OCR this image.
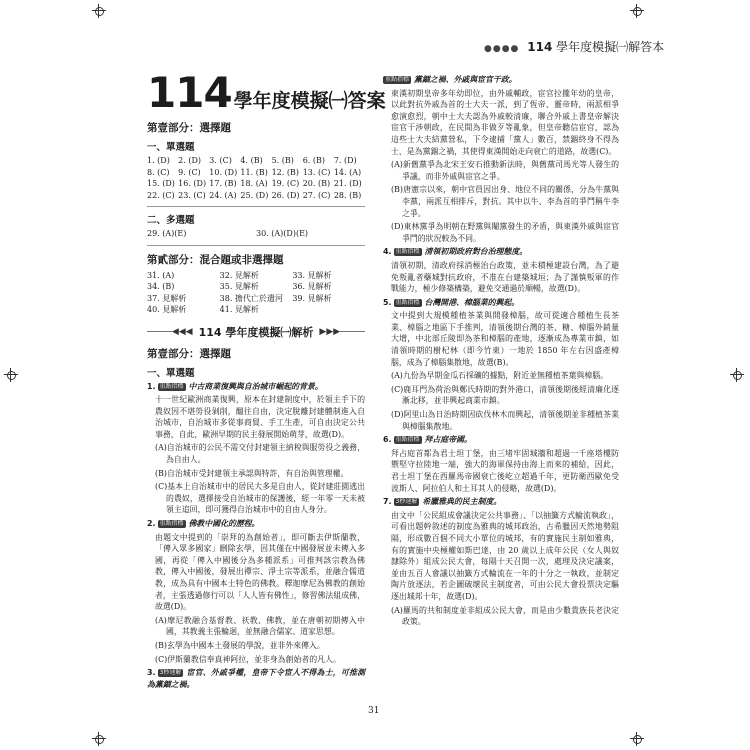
●●●● 114 學年度模擬㈠解答本
114 學年度模擬㈠答案
第壹部分：選擇題
一、單選題
1. (D)	2. (D)	3. (C)	4. (B)	5. (B)	6. (B)	7. (D)
8. (C)	9. (C)	10. (D) 11. (B) 12. (B) 13. (C) 14. (A)
15. (D) 16. (D) 17. (B) 18. (A) 19. (C) 20. (B) 21. (D)
22. (C) 23. (C) 24. (A) 25. (D) 26. (D) 27. (C) 28. (B)
二、多選題
29. (A)(E)	30. (A)(D)(E)
第貳部分：混合題或非選擇題
31. (A)	32. 見解析	33. 見解析
34. (B)	35. 見解析	36. 見解析
37. 見解析	38. 擔代亡於遺河	39. 見解析
40. 見解析	41. 見解析
◀◀◀ 114 學年度模擬㈠解析 ▶▶▶
第壹部分：選擇題
一、單選題
1. 重點指標 中古商業復興與自治城市崛起的背景。
十一世紀歐洲商業復興，原本在封建制度中，於領主手下的農奴因不堪勞役剝削，醞往自由，決定脫離封建體制進入自治城市，自治城市多從事商貿、手工生產，可自由決定公共事務，自此，歐洲早期的民主發展開始萌芽，故選(D)。
(A)自治城市的公民不需交付封建領主納稅與服勞役之義務，為自由人。
(B)自治城市受封建領主承認與特許，有自治與管理權。
(C)基本上自治城市中的居民大多是自由人，從封建莊園逃出的農奴，選擇接受自治城市的保護後，經一年零一天未被領主追回，即可獲得自治城市中的自由人身分。
2. 重點指標 佛教中國化的歷程。
由題文中提到的「崇拜的為創始者」，即可斷去伊斯蘭教，「傳入眾多國家」刪除玄學，因其僅在中國發展並未傳入多國，再從「傳入中國後分為多種派系」可推判該宗教為佛教，傳入中國後，發展出禪宗、淨土宗等派系，並融合儒道教，成為具有中國本土特色的佛教。釋迦摩尼為佛教的創始者，主張透過修行可以「人人皆有佛性」，修習佛法組成佛，故選(D)。
(A)摩尼教融合基督教、祆教、佛教，並在唐朝初期傳入中國，其教義主張輪迴，並無融合儒家、道家思想。
(B)玄學為中國本土發展的學說，並非外來傳入。
(C)伊斯蘭教信奉真神阿拉，並非身為創始者的凡人。
3. 3秒速解 宦官、外戚爭權，皇帝下令宦人不得為士，可推測為黨錮之禍。
重點指標 黨錮之禍、外戚與宦官干政。
東漢初期皇帝多年幼即位，由外戚輔政，宦官拉攏年幼的皇帝，以此對抗外戚為首的士大夫一派，到了恆帝、靈帝時，兩派相爭愈演愈烈，朝中士大夫認為外戚較清廉，聯合外戚上書皇帝解決宦官干涉朝政，在民間為非做歹等亂象，但皇帝聽信宦官，認為這些士大夫結黨營私，下令逮捕「黨人」數百，禁錮終身不得為士，是為黨錮之禍，其使得東漢開始走向衰亡的道路，故選(C)。
(A)新舊黨爭為北宋王安石推動新法時，與舊黨司馬光等人發生的爭議，而非外戚與宦官之爭。
(B)唐憲宗以來，朝中官員因出身、地位不同的關係，分為牛黨與李黨，兩派互相排斥，對抗。其中以牛、李為首的爭鬥稱牛李之爭。
(D)東林黨爭為明朝在野黨與閹黨發生的矛盾，與東漢外戚與宦官爭鬥的狀況較為不同。
4. 重點指標 清領初期政府對台治理態度。
清領初期，清政府採消極治台政策，並未積極建設台灣，為了避免叛亂者藥城對抗政府，不准在台建築城垣；為了謹慎叛軍的作戰能力，極少修築構築，避免交通過於順暢，故選(D)。
5. 重點指標 台灣開港、樟腦業的興起。
文中提到大規模種植茶業與開發樟腦，故可從適合種植生長茶業、樟腦之地區下手推判，清領後期台灣的茶、糖、樟腦外銷量大增，中北部丘陵即為茶和樟腦的產地，逐漸成為專業市鎮，如清領時期的樹杞林（即今竹東）一地於 1850 年左右因盛產樟腦，成為了樟腦集散地，故選(B)。
(A)九份為早期金瓜石採礦的據點，附近並無種植茶葉與樟腦。
(C)鹿耳門為荷治與鄭氏時期的對外港口，清領後期後經清廉化逐漸北移，並非興起商業市鎮。
(D)阿里山為日治時期因砍伐林木而興起，清領後期並非種植茶業與樟腦集散地。
6. 重點指標 拜占庭帝國。
拜占庭首都為君士坦丁堡，由三堵牢固城牆和超過一千座塔樓防禦堅守拉陸地一端，強大的海軍保持由海上而來的補給，因此，君士坦丁堡在西羅馬帝國衰亡後屹立超過千年，更防衛西歐免受波斯人、阿拉伯人和土耳其人的侵略，故選(D)。
7. 3秒速解 希臘雅典的民主制度。
由文中「公民組成會議決定公共事務」、「以抽籤方式輪流執政」，可看出題幹敘述的制度為雅典的城邦政治，古希臘因天然地勢阻隔，形成數百個不同大小單位的城邦，有的實施民主制如雅典，有的實施中央極權如斯巴達，由 20 歲以上成年公民（女人與奴隸除外）組成公民大會，每隔十天召開一次，處理及決定議案，並由五百人會議以抽籤方式輪流在一年的十分之一執政，並制定陶片放逐法，若企圖破壞民主制度者，可由公民大會投票決定驅逐出城邦十年，故選(D)。
(A)羅馬的共和制度並非組成公民大會，而是由少數貴族長老決定政策。
31
